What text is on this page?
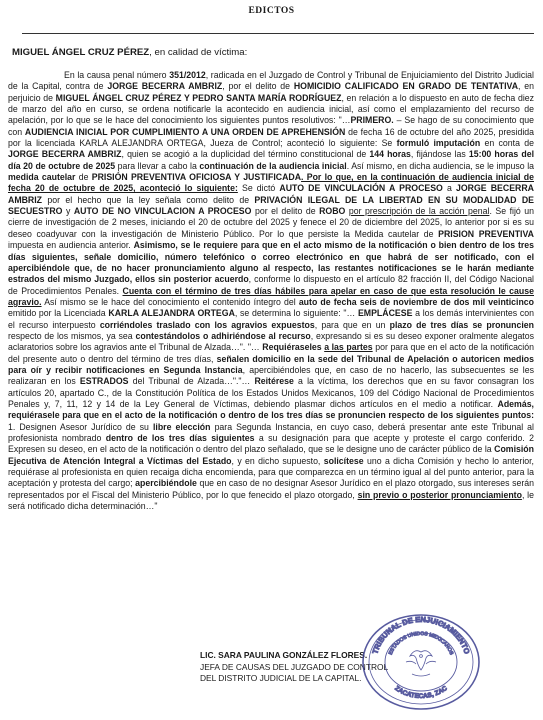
EDICTOS
MIGUEL ÁNGEL CRUZ PÉREZ, en calidad de víctima:

En la causa penal número 351/2012, radicada en el Juzgado de Control y Tribunal de Enjuiciamiento del Distrito Judicial de la Capital, contra de JORGE BECERRA AMBRIZ, por el delito de HOMICIDIO CALIFICADO EN GRADO DE TENTATIVA, en perjuicio de MIGUEL ÁNGEL CRUZ PÉREZ Y PEDRO SANTA MARÍA RODRÍGUEZ, en relación a lo dispuesto en auto de fecha diez de marzo del año en curso, se ordena notificarle la acontecido en audiencia inicial, así como el emplazamiento del recurso de apelación, por lo que se le hace del conocimiento los siguientes puntos resolutivos: "…PRIMERO. – Se hago de su conocimiento que con AUDIENCIA INICIAL POR CUMPLIMIENTO A UNA ORDEN DE APREHENSIÓN de fecha 16 de octubre del año 2025, presidida por la licenciada KARLA ALEJANDRA ORTEGA, Jueza de Control; aconteció lo siguiente: Se formuló imputación en conta de JORGE BECERRA AMBRIZ, quien se acogió a la duplicidad del término constitucional de 144 horas, fijándose las 15:00 horas del día 20 de octubre de 2025 para llevar a cabo la continuación de la audiencia inicial. Así mismo, en dicha audiencia, se le impuso la medida cautelar de PRISIÓN PREVENTIVA OFICIOSA Y JUSTIFICADA. Por lo que, en la continuación de audiencia inicial de fecha 20 de octubre de 2025, aconteció lo siguiente: Se dictó AUTO DE VINCULACIÓN A PROCESO a JORGE BECERRA AMBRIZ por el hecho que la ley señala como delito de PRIVACIÓN ILEGAL DE LA LIBERTAD EN SU MODALIDAD DE SECUESTRO y AUTO DE NO VINCULACION A PROCESO por el delito de ROBO por prescripción de la acción penal. Se fijó un cierre de investigación de 2 meses, iniciando el 20 de octubre del 2025 y fenece el 20 de diciembre del 2025, lo anterior por si es su deseo coadyuvar con la investigación de Ministerio Público. Por lo que persiste la Medida cautelar de PRISION PREVENTIVA impuesta en audiencia anterior. Asimismo, se le requiere para que en el acto mismo de la notificación o bien dentro de los tres días siguientes, señale domicilio, número telefónico o correo electrónico en que habrá de ser notificado, con el apercibiéndole que, de no hacer pronunciamiento alguno al respecto, las restantes notificaciones se le harán mediante estrados del mismo Juzgado, ellos sin posterior acuerdo, conforme lo dispuesto en el artículo 82 fracción II, del Código Nacional de Procedimientos Penales. Cuenta con el término de tres días hábiles para apelar en caso de que esta resolución le cause agravio. Así mismo se le hace del conocimiento el contenido íntegro del auto de fecha seis de noviembre de dos mil veinticinco emitido por la Licenciada KARLA ALEJANDRA ORTEGA, se determina lo siguiente: "… EMPLÁCESE a los demás intervinientes con el recurso interpuesto corriéndoles traslado con los agravios expuestos, para que en un plazo de tres días se pronuncien respecto de los mismos, ya sea contestándolos o adhiriéndose al recurso, expresando si es su deseo exponer oralmente alegatos aclaratorios sobre los agravios ante el Tribunal de Alzada…". "… Requiéraseles a las partes por para que en el acto de la notificación del presente auto o dentro del término de tres días, señalen domicilio en la sede del Tribunal de Apelación o autoricen medios para oír y recibir notificaciones en Segunda Instancia, apercibiéndoles que, en caso de no hacerlo, las subsecuentes se les realizaran en los ESTRADOS del Tribunal de Alzada…"."… Reitérese a la víctima, los derechos que en su favor consagran los artículos 20, apartado C., de la Constitución Política de los Estados Unidos Mexicanos, 109 del Código Nacional de Procedimientos Penales y, 7, 11, 12 y 14 de la Ley General de Víctimas, debiendo plasmar dichos artículos en el medio a notificar. Además, requiérasele para que en el acto de la notificación o dentro de los tres días se pronuncien respecto de los siguientes puntos: 1. Designen Asesor Jurídico de su libre elección para Segunda Instancia, en cuyo caso, deberá presentar ante este Tribunal al profesionista nombrado dentro de los tres días siguientes a su designación para que acepte y proteste el cargo conferido. 2 Expresen su deseo, en el acto de la notificación o dentro del plazo señalado, que se le designe uno de carácter público de la Comisión Ejecutiva de Atención Integral a Víctimas del Estado, y en dicho supuesto, solicítese uno a dicha Comisión y hecho lo anterior, requiérase al profesionista en quien recaiga dicha encomienda, para que comparezca en un término igual al del punto anterior, para la aceptación y protesta del cargo; apercibiéndole que en caso de no designar Asesor Jurídico en el plazo otorgado, sus intereses serán representados por el Fiscal del Ministerio Público, por lo que fenecido el plazo otorgado, sin previo o posterior pronunciamiento, le será notificado dicha determinación…"

LIC. SARA PAULINA GONZÁLEZ FLORES.
JEFA DE CAUSAS DEL JUZGADO DE CONTROL
DEL DISTRITO JUDICIAL DE LA CAPITAL.
TRIBUNAL DE ENJUICIAMIENTO
ESTADOS UNIDOS MEXICANOS
ZACATECAS, ZAC
